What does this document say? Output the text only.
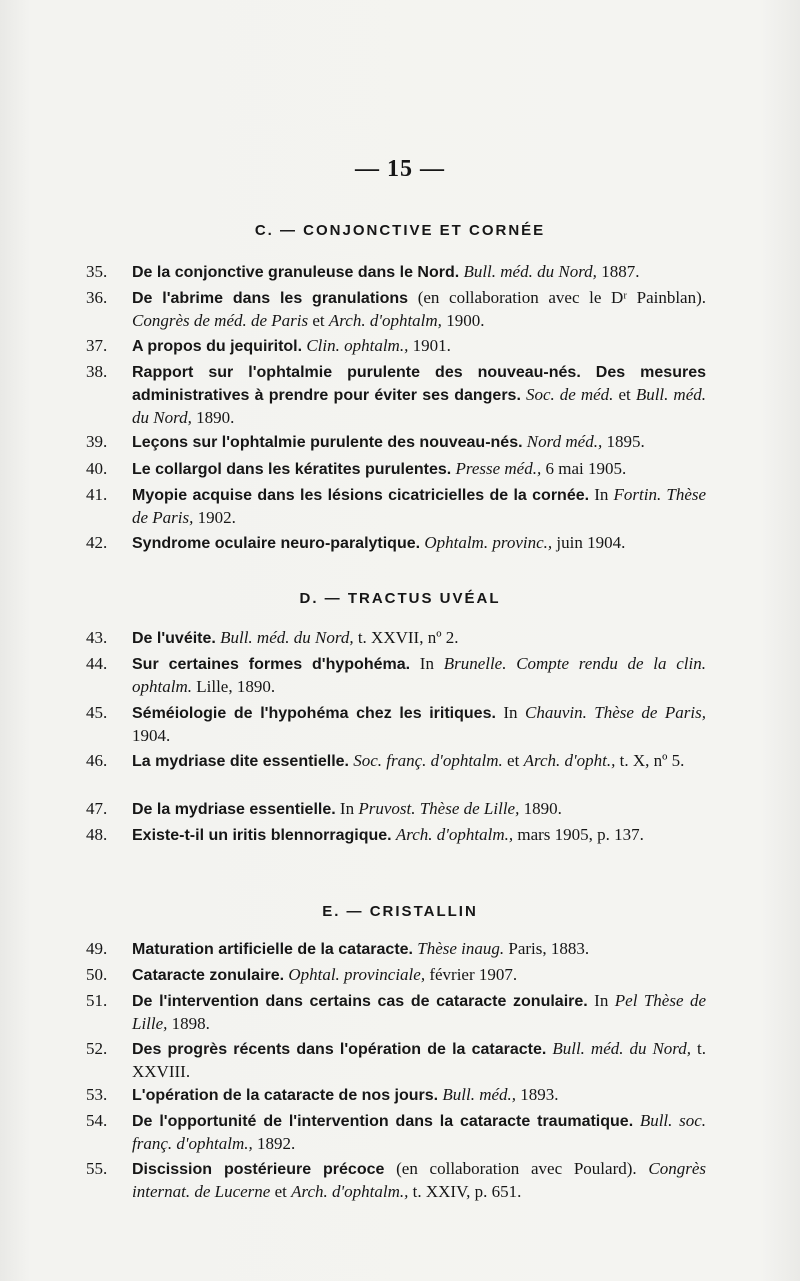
— 15 —
C. — CONJONCTIVE ET CORNÉE
35.	De la conjonctive granuleuse dans le Nord. Bull. méd. du Nord, 1887.
36.	De l'abrime dans les granulations (en collaboration avec le Dʳ Painblan). Congrès de méd. de Paris et Arch. d'ophtalm, 1900.
37.	A propos du jequiritol. Clin. ophtalm., 1901.
38.	Rapport sur l'ophtalmie purulente des nouveau-nés. Des mesures administratives à prendre pour éviter ses dangers. Soc. de méd. et Bull. méd. du Nord, 1890.
39.	Leçons sur l'ophtalmie purulente des nouveau-nés. Nord méd., 1895.
40.	Le collargol dans les kératites purulentes. Presse méd., 6 mai 1905.
41.	Myopie acquise dans les lésions cicatricielles de la cornée. In Fortin. Thèse de Paris, 1902.
42.	Syndrome oculaire neuro-paralytique. Ophtalm. provinc., juin 1904.
D. — TRACTUS UVÉAL
43.	De l'uvéite. Bull. méd. du Nord, t. XXVII, nº 2.
44.	Sur certaines formes d'hypohéma. In Brunelle. Compte rendu de la clin. ophtalm. Lille, 1890.
45.	Séméiologie de l'hypohéma chez les iritiques. In Chauvin. Thèse de Paris, 1904.
46.	La mydriase dite essentielle. Soc. franç. d'ophtalm. et Arch. d'opht., t. X, nº 5.
47.	De la mydriase essentielle. In Pruvost. Thèse de Lille, 1890.
48.	Existe-t-il un iritis blennorragique. Arch. d'ophtalm., mars 1905, p. 137.
E. — CRISTALLIN
49.	Maturation artificielle de la cataracte. Thèse inaug. Paris, 1883.
50.	Cataracte zonulaire. Ophtal. provinciale, février 1907.
51.	De l'intervention dans certains cas de cataracte zonulaire. In Pel Thèse de Lille, 1898.
52.	Des progrès récents dans l'opération de la cataracte. Bull. méd. du Nord, t. XXVIII.
53.	L'opération de la cataracte de nos jours. Bull. méd., 1893.
54.	De l'opportunité de l'intervention dans la cataracte traumatique. Bull. soc. franç. d'ophtalm., 1892.
55.	Discission postérieure précoce (en collaboration avec Poulard). Congrès internat. de Lucerne et Arch. d'ophtalm., t. XXIV, p. 651.
